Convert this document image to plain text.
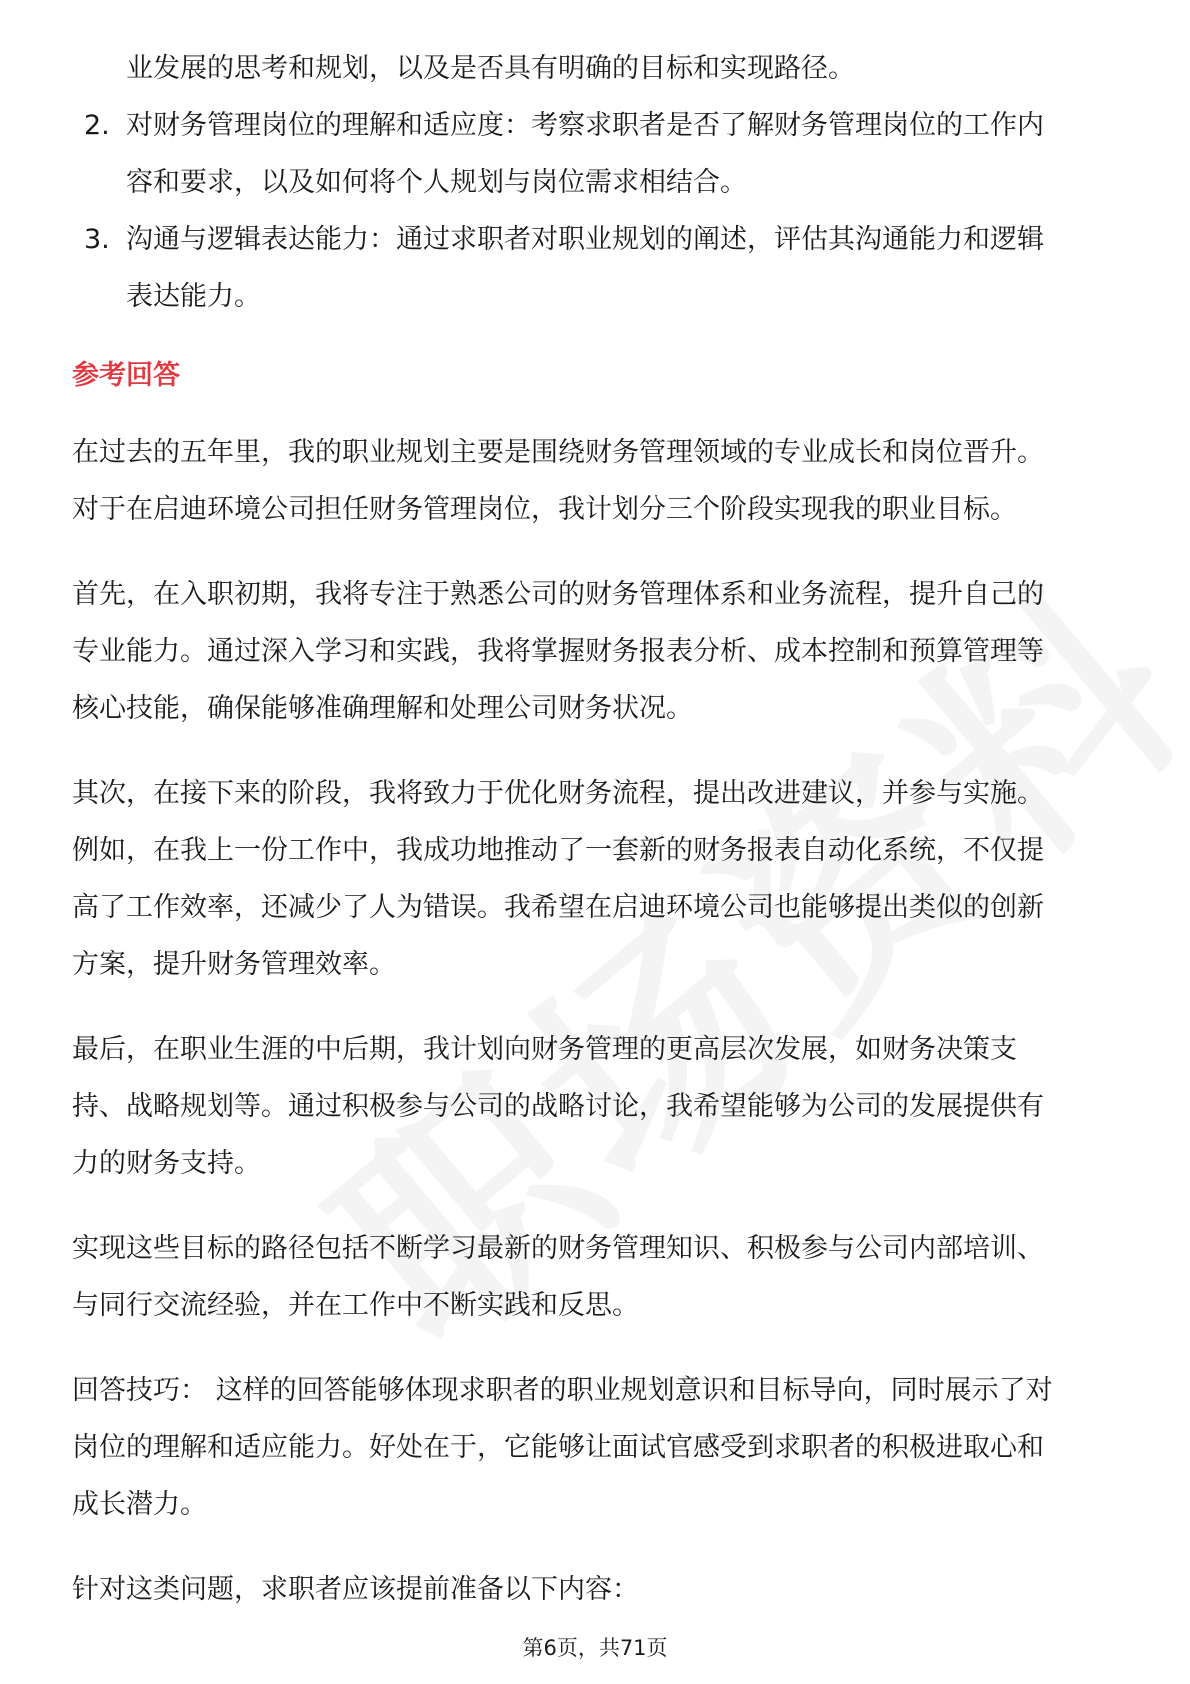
业发展的思考和规划，以及是否具有明确的目标和实现路径。
2. 对财务管理岗位的理解和适应度：考察求职者是否了解财务管理岗位的工作内
容和要求，以及如何将个人规划与岗位需求相结合。
3. 沟通与逻辑表达能力：通过求职者对职业规划的阐述，评估其沟通能力和逻辑
表达能力。
参考回答
在过去的五年里，我的职业规划主要是围绕财务管理领域的专业成长和岗位晋升。
对于在启迪环境公司担任财务管理岗位，我计划分三个阶段实现我的职业目标。
首先，在入职初期，我将专注于熟悉公司的财务管理体系和业务流程，提升自己的
专业能力。通过深入学习和实践，我将掌握财务报表分析、成本控制和预算管理等
核心技能，确保能够准确理解和处理公司财务状况。
其次，在接下来的阶段，我将致力于优化财务流程，提出改进建议，并参与实施。
例如，在我上一份工作中，我成功地推动了一套新的财务报表自动化系统，不仅提
高了工作效率，还减少了人为错误。我希望在启迪环境公司也能够提出类似的创新
方案，提升财务管理效率。
最后，在职业生涯的中后期，我计划向财务管理的更高层次发展，如财务决策支
持、战略规划等。通过积极参与公司的战略讨论，我希望能够为公司的发展提供有
力的财务支持。
实现这些目标的路径包括不断学习最新的财务管理知识、积极参与公司内部培训、
与同行交流经验，并在工作中不断实践和反思。
回答技巧： 这样的回答能够体现求职者的职业规划意识和目标导向，同时展示了对
岗位的理解和适应能力。好处在于，它能够让面试官感受到求职者的积极进取心和
成长潜力。
针对这类问题，求职者应该提前准备以下内容：
第6页，共71页
